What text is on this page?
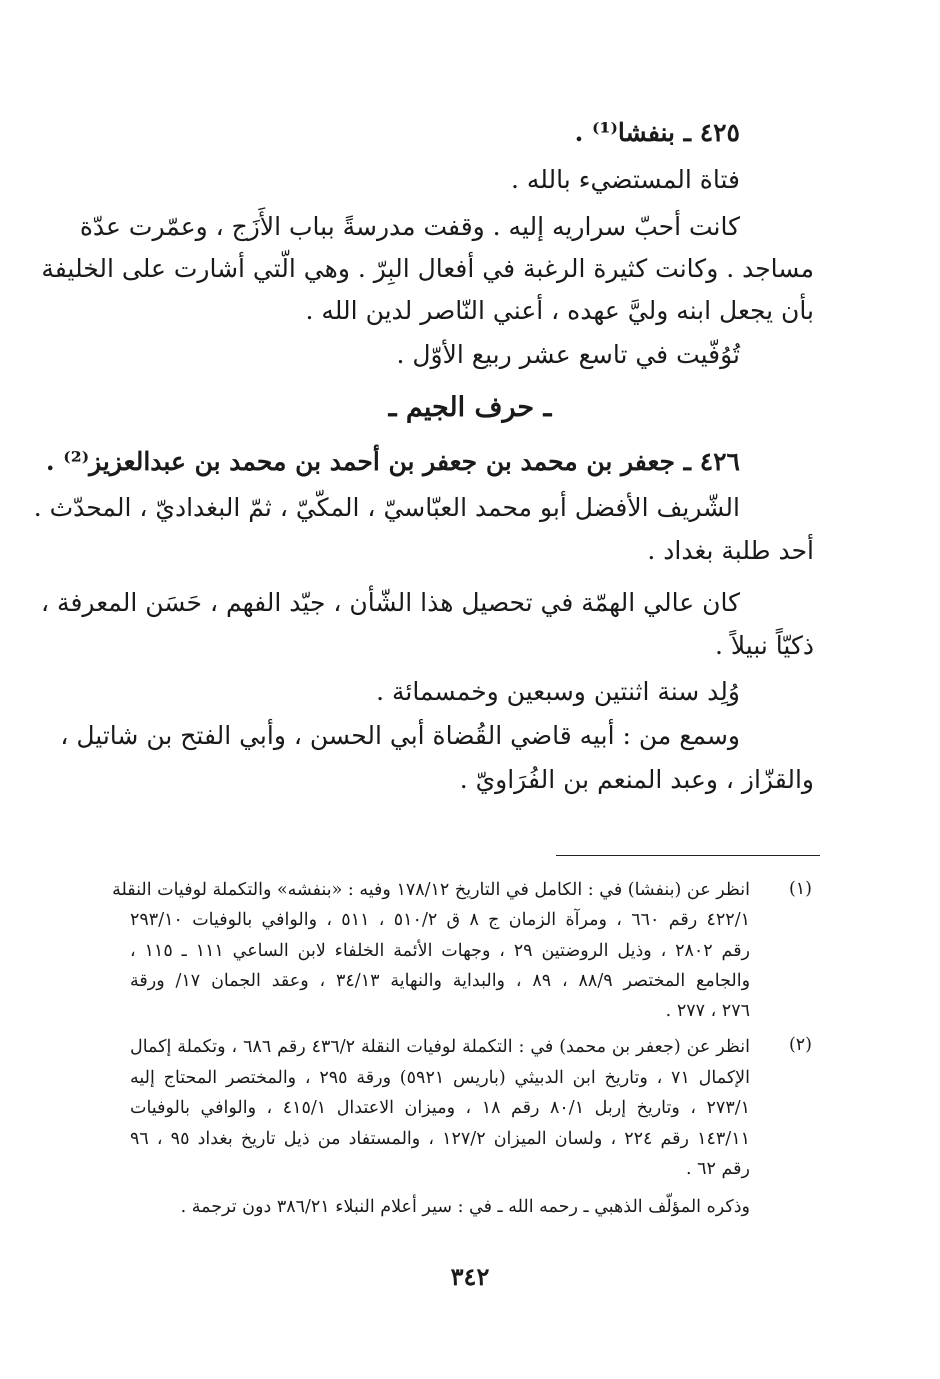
٤٢٥ ـ بنفشا⁽¹⁾ .
فتاة المستضيء بالله .
كانت أحبّ سراريه إليه . وقفت مدرسةً بباب الأَزَج ، وعمّرت عدّة
مساجد . وكانت كثيرة الرغبة في أفعال البِرّ . وهي الّتي أشارت على الخليفة
بأن يجعل ابنه وليَّ عهده ، أعني النّاصر لدين الله .
تُوُفّيت في تاسع عشر ربيع الأوّل .
ـ حرف الجيم ـ
٤٢٦ ـ جعفر بن محمد بن جعفر بن أحمد بن محمد بن عبدالعزيز⁽²⁾ .
الشّريف الأفضل أبو محمد العبّاسيّ ، المكّيّ ، ثمّ البغداديّ ، المحدّث .
أحد طلبة بغداد .
كان عالي الهمّة في تحصيل هذا الشّأن ، جيّد الفهم ، حَسَن المعرفة ،
ذكيّاً نبيلاً .
وُلِد سنة اثنتين وسبعين وخمسمائة .
وسمع من : أبيه قاضي القُضاة أبي الحسن ، وأبي الفتح بن شاتيل ،
والقزّاز ، وعبد المنعم بن الفُرَاويّ .
(١)
انظر عن (بنفشا) في : الكامل في التاريخ ١٧٨/١٢ وفيه : «بنفشه» والتكملة لوفيات النقلة
٤٢٢/١ رقم ٦٦٠ ، ومرآة الزمان ج ٨ ق ٥١٠/٢ ، ٥١١ ، والوافي بالوفيات ٢٩٣/١٠
رقم ٢٨٠٢ ، وذيل الروضتين ٢٩ ، وجهات الأئمة الخلفاء لابن الساعي ١١١ ـ ١١٥ ،
والجامع المختصر ٨٨/٩ ، ٨٩ ، والبداية والنهاية ٣٤/١٣ ، وعقد الجمان ١٧/ ورقة
٢٧٦ ، ٢٧٧ .
(٢)
انظر عن (جعفر بن محمد) في : التكملة لوفيات النقلة ٤٣٦/٢ رقم ٦٨٦ ، وتكملة إكمال
الإكمال ٧١ ، وتاريخ ابن الدبيثي (باريس ٥٩٢١) ورقة ٢٩٥ ، والمختصر المحتاج إليه
٢٧٣/١ ، وتاريخ إربل ٨٠/١ رقم ١٨ ، وميزان الاعتدال ٤١٥/١ ، والوافي بالوفيات
١٤٣/١١ رقم ٢٢٤ ، ولسان الميزان ١٢٧/٢ ، والمستفاد من ذيل تاريخ بغداد ٩٥ ، ٩٦
رقم ٦٢ .
وذكره المؤلّف الذهبي ـ رحمه الله ـ في : سير أعلام النبلاء ٣٨٦/٢١ دون ترجمة .
٣٤٢
